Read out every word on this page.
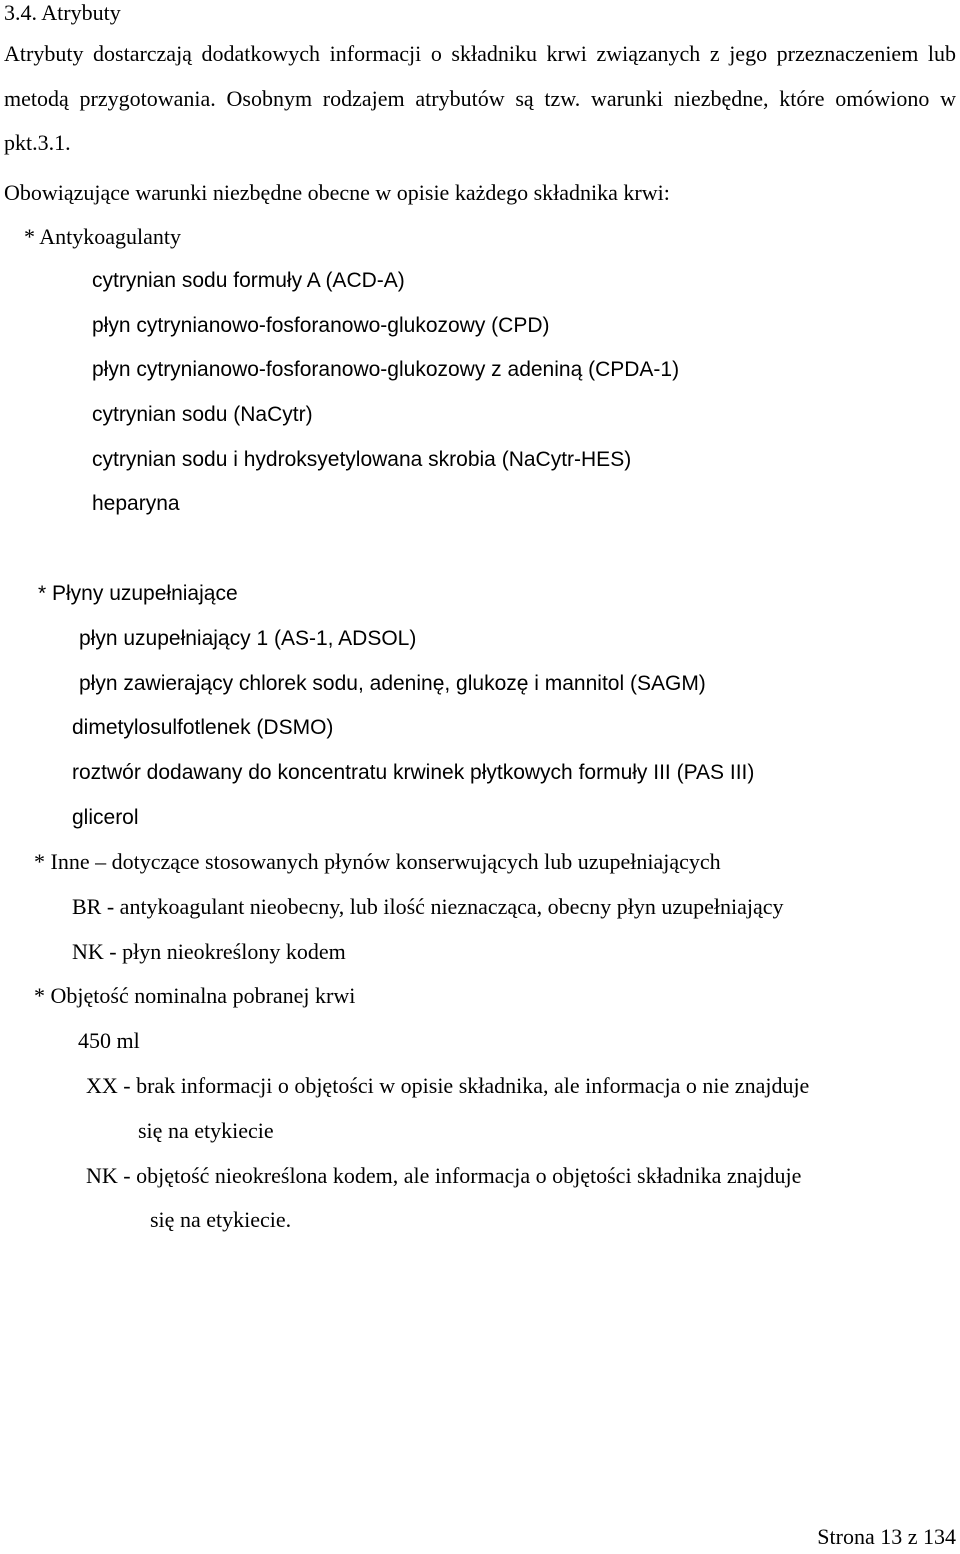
3.4. Atrybuty
Atrybuty dostarczają dodatkowych informacji o składniku krwi związanych z jego przeznaczeniem lub metodą przygotowania. Osobnym rodzajem atrybutów są tzw. warunki niezbędne, które omówiono w pkt.3.1.
Obowiązujące warunki niezbędne obecne w opisie każdego składnika krwi:
* Antykoagulanty
cytrynian sodu formuły A (ACD-A)
płyn cytrynianowo-fosforanowo-glukozowy (CPD)
płyn cytrynianowo-fosforanowo-glukozowy z adeniną (CPDA-1)
cytrynian sodu (NaCytr)
cytrynian sodu i hydroksyetylowana skrobia (NaCytr-HES)
heparyna
* Płyny uzupełniające
płyn uzupełniający 1 (AS-1, ADSOL)
płyn zawierający chlorek sodu, adeninę, glukozę i mannitol (SAGM)
dimetylosulfotlenek (DSMO)
roztwór dodawany do koncentratu krwinek płytkowych formuły III (PAS III)
glicerol
* Inne – dotyczące stosowanych płynów konserwujących lub uzupełniających
BR - antykoagulant nieobecny, lub ilość nieznacząca, obecny płyn uzupełniający
NK - płyn nieokreślony kodem
* Objętość nominalna pobranej krwi
450 ml
XX - brak informacji o objętości w opisie składnika, ale informacja o nie znajduje
się na etykiecie
NK - objętość nieokreślona kodem, ale informacja o objętości składnika znajduje
się na etykiecie.
Strona 13 z 134
